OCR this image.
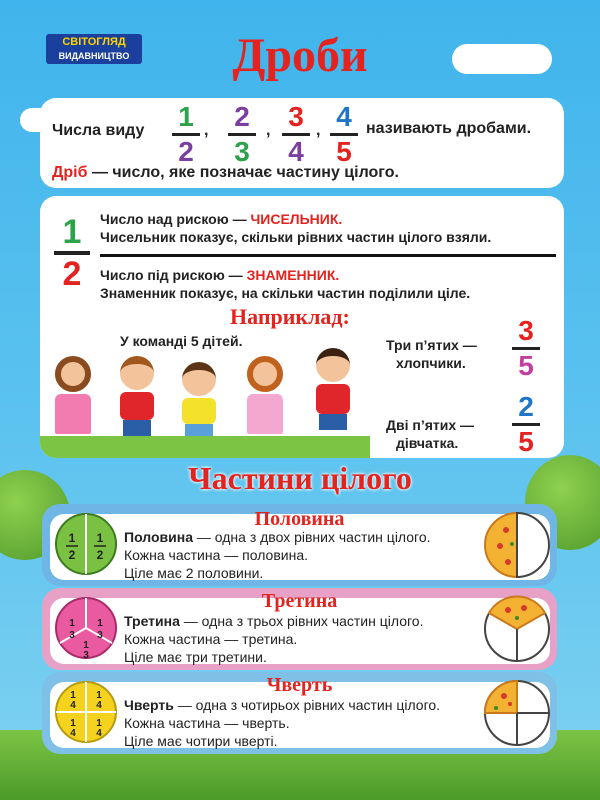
СВІТОГЛЯД
ВИДАВНИЦТВО	Дроби
Числа виду 1
2
, 2
3
, 3
4
, 4
5
називають дробами.
Дріб — число, яке позначає частину цілого.
1
2
Число над рискою — ЧИСЕЛЬНИК.
Чисельник показує, скільки рівних частин цілого взяли.
Число під рискою — ЗНАМЕННИК.
Знаменник показує, на скільки частин поділили ціле.
Наприклад:
У команді 5 дітей.	Три п’ятих —
хлопчики.
3
5
Дві п’ятих —
дівчатка.
2
5
Частини цілого
Половина
1
2
1
2
Половина — одна з двох рівних частин цілого.
Кожна частина — половина.
Ціле має 2 половини.
Третина
1
3
1
3
1
3
Третина — одна з трьох рівних частин цілого.
Кожна частина — третина.
Ціле має три третини.
Чверть
1
4
1
4
1
4
1
4
Чверть — одна з чотирьох рівних частин цілого.
Кожна частина — чверть.
Ціле має чотири чверті.
